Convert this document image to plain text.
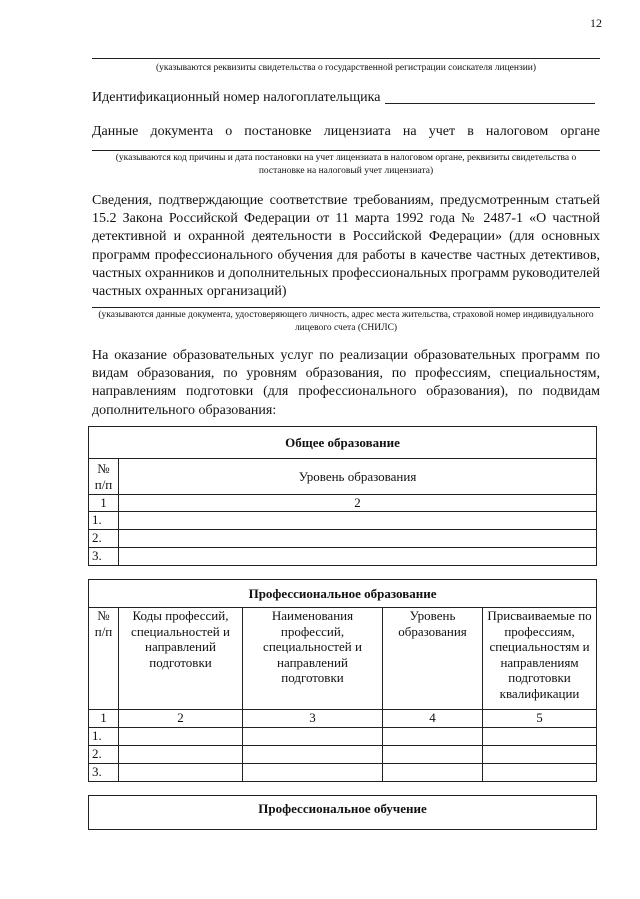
12
(указываются реквизиты свидетельства о государственной регистрации соискателя лицензии)
Идентификационный номер налогоплательщика
Данные документа о постановке лицензиата на учет в налоговом органе
(указываются код причины и дата постановки на учет лицензиата в налоговом органе, реквизиты свидетельства о постановке на налоговый учет лицензиата)
Сведения, подтверждающие соответствие требованиям, предусмотренным статьей 15.2 Закона Российской Федерации от 11 марта 1992 года № 2487-1 «О частной детективной и охранной деятельности в Российской Федерации» (для основных программ профессионального обучения для работы в качестве частных детективов, частных охранников и дополнительных профессиональных программ руководителей частных охранных организаций)
(указываются данные документа, удостоверяющего личность, адрес места жительства, страховой номер индивидуального лицевого счета (СНИЛС)
На оказание образовательных услуг по реализации образовательных программ по видам образования, по уровням образования, по профессиям, специальностям, направлениям подготовки (для профессионального образования), по подвидам дополнительного образования:
Общее образование	
№ п/п	Уровень образования
1	2
1.	
2.	
3.	
Профессиональное образование				
№ п/п	Коды профессий, специальностей и направлений подготовки	Наименования профессий, специальностей и направлений подготовки	Уровень образования	Присваиваемые по профессиям, специальностям и направлениям подготовки квалификации
1	2	3	4	5
1.				
2.				
3.				
Профессиональное обучение
